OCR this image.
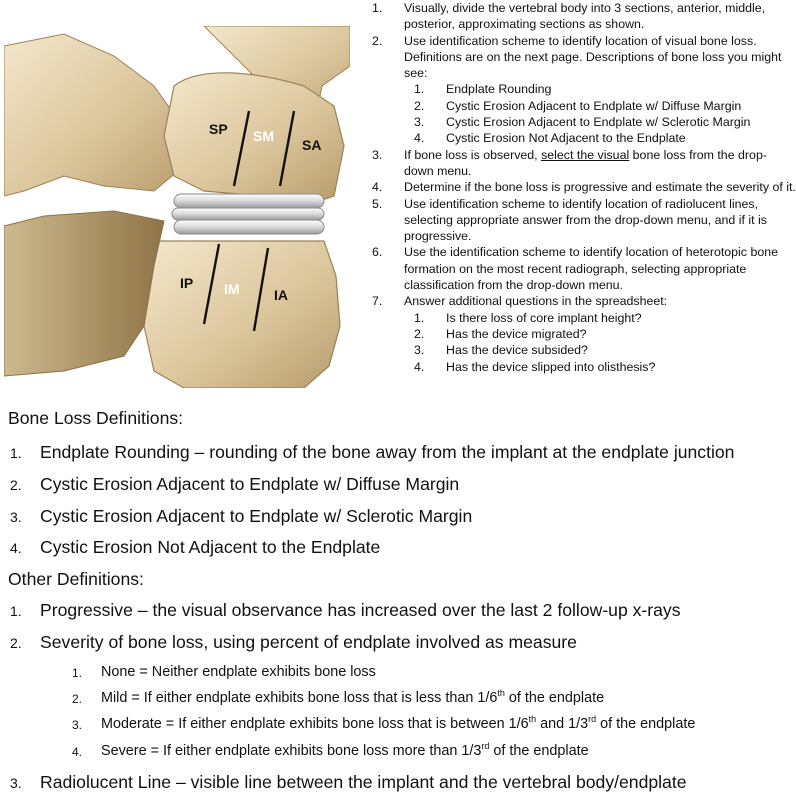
SP SM
SA
IP IM IA
1. Visually, divide the vertebral body into 3 sections, anterior, middle, posterior, approximating sections as shown.
2. Use identification scheme to identify location of visual bone loss. Definitions are on the next page. Descriptions of bone loss you might see:
1. Endplate Rounding
2. Cystic Erosion Adjacent to Endplate w/ Diffuse Margin
3. Cystic Erosion Adjacent to Endplate w/ Sclerotic Margin
4. Cystic Erosion Not Adjacent to the Endplate
3. If bone loss is observed, select the visual bone loss from the drop-down menu.
4. Determine if the bone loss is progressive and estimate the severity of it.
5. Use identification scheme to identify location of radiolucent lines, selecting appropriate answer from the drop-down menu, and if it is progressive.
6. Use the identification scheme to identify location of heterotopic bone formation on the most recent radiograph, selecting appropriate classification from the drop-down menu.
7. Answer additional questions in the spreadsheet:
1. Is there loss of core implant height?
2. Has the device migrated?
3. Has the device subsided?
4. Has the device slipped into olisthesis?
Bone Loss Definitions:
1. Endplate Rounding – rounding of the bone away from the implant at the endplate junction
2. Cystic Erosion Adjacent to Endplate w/ Diffuse Margin
3. Cystic Erosion Adjacent to Endplate w/ Sclerotic Margin
4. Cystic Erosion Not Adjacent to the Endplate
Other Definitions:
1. Progressive – the visual observance has increased over the last 2 follow-up x-rays
2. Severity of bone loss, using percent of endplate involved as measure
1. None = Neither endplate exhibits bone loss
2. Mild = If either endplate exhibits bone loss that is less than 1/6th of the endplate
3. Moderate = If either endplate exhibits bone loss that is between 1/6th and 1/3rd of the endplate
4. Severe = If either endplate exhibits bone loss more than 1/3rd of the endplate
3. Radiolucent Line – visible line between the implant and the vertebral body/endplate
